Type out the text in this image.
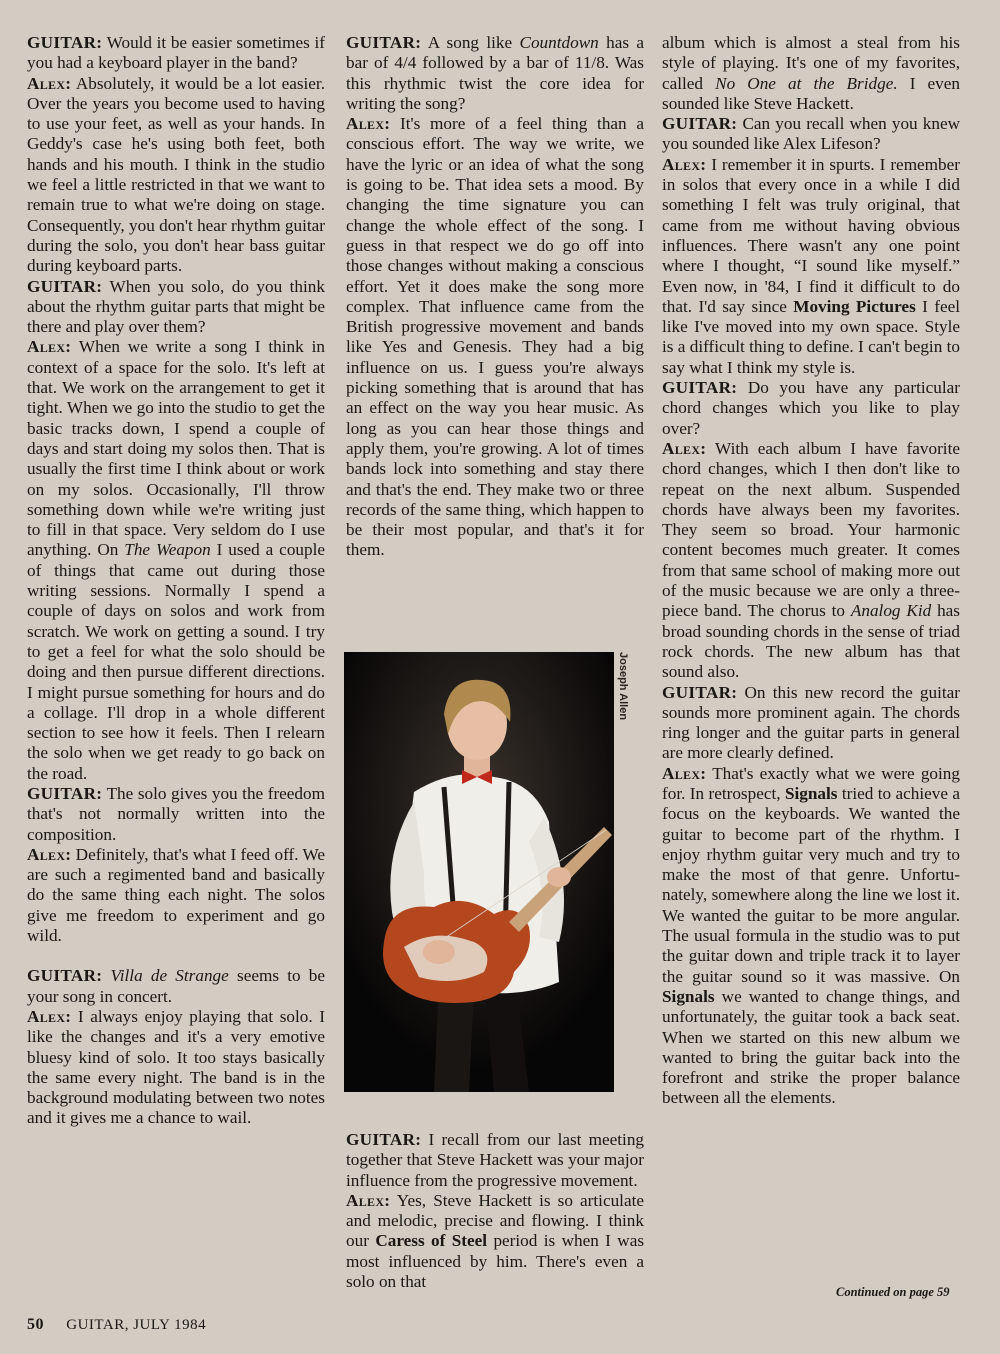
GUITAR: Would it be easier sometimes if you had a keyboard player in the band?

Alex: Absolutely, it would be a lot easier. Over the years you become used to having to use your feet, as well as your hands. In Geddy's case he's using both feet, both hands and his mouth. I think in the studio we feel a little restricted in that we want to remain true to what we're doing on stage. Consequently, you don't hear rhythm guitar during the solo, you don't hear bass guitar during keyboard parts.

GUITAR: When you solo, do you think about the rhythm guitar parts that might be there and play over them?

Alex: When we write a song I think in context of a space for the solo. It's left at that. We work on the arrangement to get it tight. When we go into the studio to get the basic tracks down, I spend a couple of days and start doing my solos then. That is usually the first time I think about or work on my solos. Occasionally, I'll throw something down while we're writing just to fill in that space. Very seldom do I use anything. On The Weapon I used a couple of things that came out during those writing sessions. Normally I spend a couple of days on solos and work from scratch. We work on getting a sound. I try to get a feel for what the solo should be doing and then pursue different directions. I might pursue something for hours and do a collage. I'll drop in a whole different section to see how it feels. Then I relearn the solo when we get ready to go back on the road.

GUITAR: The solo gives you the freedom that's not normally written into the composition.

Alex: Definitely, that's what I feed off. We are such a regimented band and basically do the same thing each night. The solos give me freedom to experiment and go wild.

GUITAR: Villa de Strange seems to be your song in concert.

Alex: I always enjoy playing that solo. I like the changes and it's a very emotive bluesy kind of solo. It too stays basically the same every night. The band is in the background modulating between two notes and it gives me a chance to wail.

GUITAR: A song like Countdown has a bar of 4/4 followed by a bar of 11/8. Was this rhythmic twist the core idea for writing the song?

Alex: It's more of a feel thing than a conscious effort. The way we write, we have the lyric or an idea of what the song is going to be. That idea sets a mood. By changing the time signature you can change the whole effect of the song. I guess in that respect we do go off into those changes without making a conscious effort. Yet it does make the song more complex. That influence came from the British progressive movement and bands like Yes and Genesis. They had a big influence on us. I guess you're always picking something that is around that has an effect on the way you hear music. As long as you can hear those things and apply them, you're growing. A lot of times bands lock into something and stay there and that's the end. They make two or three records of the same thing, which happen to be their most popular, and that's it for them.

Joseph Allen

GUITAR: I recall from our last meeting together that Steve Hackett was your major influence from the progressive movement.

Alex: Yes, Steve Hackett is so articulate and melodic, precise and flowing. I think our Caress of Steel period is when I was most influenced by him. There's even a solo on that

album which is almost a steal from his style of playing. It's one of my favorites, called No One at the Bridge. I even sounded like Steve Hackett.

GUITAR: Can you recall when you knew you sounded like Alex Lifeson?

Alex: I remember it in spurts. I remember in solos that every once in a while I did something I felt was truly original, that came from me without having obvious influences. There wasn't any one point where I thought, “I sound like myself.” Even now, in '84, I find it difficult to do that. I'd say since Moving Pictures I feel like I've moved into my own space. Style is a difficult thing to define. I can't begin to say what I think my style is.

GUITAR: Do you have any particular chord changes which you like to play over?

Alex: With each album I have favorite chord changes, which I then don't like to repeat on the next album. Suspended chords have always been my favorites. They seem so broad. Your harmonic content becomes much greater. It comes from that same school of making more out of the music because we are only a three-piece band. The chorus to Analog Kid has broad sounding chords in the sense of triad rock chords. The new album has that sound also.

GUITAR: On this new record the guitar sounds more prominent again. The chords ring longer and the guitar parts in general are more clearly defined.

Alex: That's exactly what we were going for. In retrospect, Signals tried to achieve a focus on the keyboards. We wanted the guitar to become part of the rhythm. I enjoy rhythm guitar very much and try to make the most of that genre. Unfortunately, somewhere along the line we lost it. We wanted the guitar to be more angular. The usual formula in the studio was to put the guitar down and triple track it to layer the guitar sound so it was massive. On Signals we wanted to change things, and unfortunately, the guitar took a back seat. When we started on this new album we wanted to bring the guitar back into the forefront and strike the proper balance between all the elements.

Continued on page 59
50 GUITAR, JULY 1984
